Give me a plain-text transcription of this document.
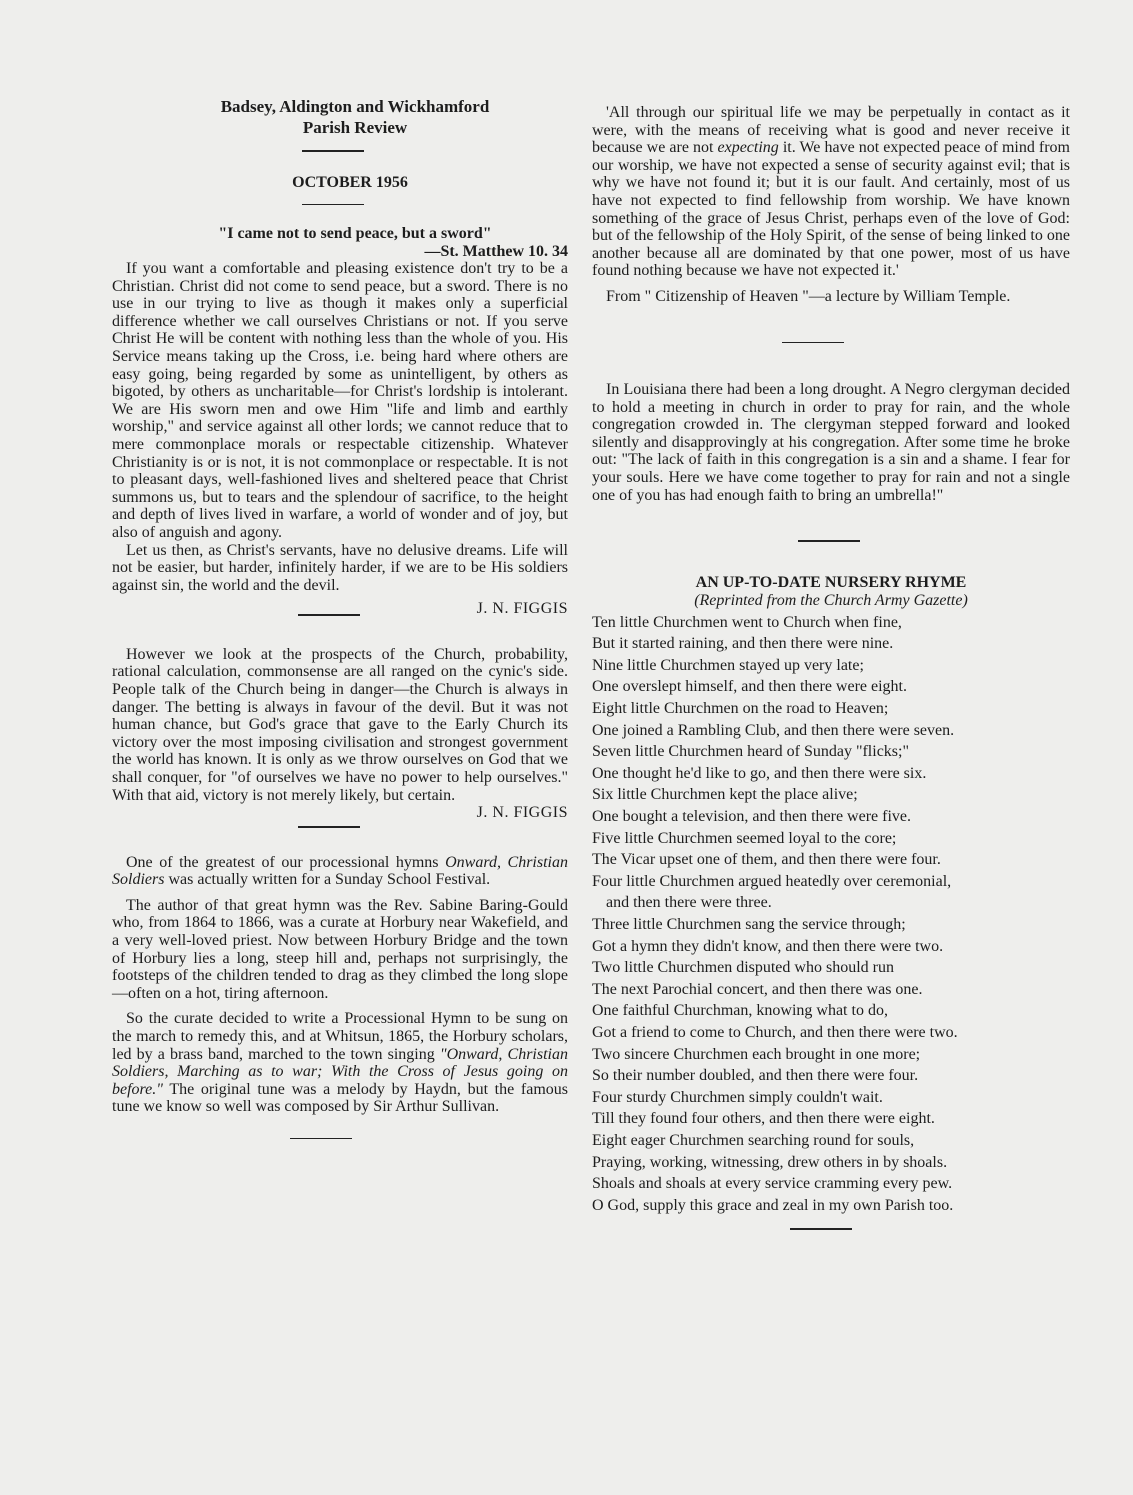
Badsey, Aldington and Wickhamford
Parish Review
OCTOBER 1956
"I came not to send peace, but a sword"
—St. Matthew 10. 34

If you want a comfortable and pleasing existence don't try to be a Christian. Christ did not come to send peace, but a sword. There is no use in our trying to live as though it makes only a superficial difference whether we call ourselves Christians or not. If you serve Christ He will be content with nothing less than the whole of you. His Service means taking up the Cross, i.e. being hard where others are easy going, being regarded by some as unintelligent, by others as bigoted, by others as uncharitable—for Christ's lordship is intolerant. We are His sworn men and owe Him "life and limb and earthly worship," and service against all other lords; we cannot reduce that to mere commonplace morals or respectable citizenship. Whatever Christianity is or is not, it is not commonplace or respectable. It is not to pleasant days, well-fashioned lives and sheltered peace that Christ summons us, but to tears and the splendour of sacrifice, to the height and depth of lives lived in warfare, a world of wonder and of joy, but also of anguish and agony.

Let us then, as Christ's servants, have no delusive dreams. Life will not be easier, but harder, infinitely harder, if we are to be His soldiers against sin, the world and the devil.

J. N. FIGGIS

However we look at the prospects of the Church, probability, rational calculation, commonsense are all ranged on the cynic's side. People talk of the Church being in danger—the Church is always in danger. The betting is always in favour of the devil. But it was not human chance, but God's grace that gave to the Early Church its victory over the most imposing civilisation and strongest government the world has known. It is only as we throw ourselves on God that we shall conquer, for "of ourselves we have no power to help ourselves." With that aid, victory is not merely likely, but certain.

J. N. FIGGIS

One of the greatest of our processional hymns Onward, Christian Soldiers was actually written for a Sunday School Festival.

The author of that great hymn was the Rev. Sabine Baring-Gould who, from 1864 to 1866, was a curate at Horbury near Wakefield, and a very well-loved priest. Now between Horbury Bridge and the town of Horbury lies a long, steep hill and, perhaps not surprisingly, the footsteps of the children tended to drag as they climbed the long slope—often on a hot, tiring afternoon.

So the curate decided to write a Processional Hymn to be sung on the march to remedy this, and at Whitsun, 1865, the Horbury scholars, led by a brass band, marched to the town singing "Onward, Christian Soldiers, Marching as to war; With the Cross of Jesus going on before." The original tune was a melody by Haydn, but the famous tune we know so well was composed by Sir Arthur Sullivan.

'All through our spiritual life we may be perpetually in contact as it were, with the means of receiving what is good and never receive it because we are not expecting it. We have not expected peace of mind from our worship, we have not expected a sense of security against evil; that is why we have not found it; but it is our fault. And certainly, most of us have not expected to find fellowship from worship. We have known something of the grace of Jesus Christ, perhaps even of the love of God: but of the fellowship of the Holy Spirit, of the sense of being linked to one another because all are dominated by that one power, most of us have found nothing because we have not expected it.'

From " Citizenship of Heaven "—a lecture by William Temple.

In Louisiana there had been a long drought. A Negro clergyman decided to hold a meeting in church in order to pray for rain, and the whole congregation crowded in. The clergyman stepped forward and looked silently and disapprovingly at his congregation. After some time he broke out: "The lack of faith in this congregation is a sin and a shame. I fear for your souls. Here we have come together to pray for rain and not a single one of you has had enough faith to bring an umbrella!"

AN UP-TO-DATE NURSERY RHYME
(Reprinted from the Church Army Gazette)
Ten little Churchmen went to Church when fine,
But it started raining, and then there were nine.
Nine little Churchmen stayed up very late;
One overslept himself, and then there were eight.
Eight little Churchmen on the road to Heaven;
One joined a Rambling Club, and then there were seven.
Seven little Churchmen heard of Sunday "flicks;"
One thought he'd like to go, and then there were six.
Six little Churchmen kept the place alive;
One bought a television, and then there were five.
Five little Churchmen seemed loyal to the core;
The Vicar upset one of them, and then there were four.
Four little Churchmen argued heatedly over ceremonial,
and then there were three.
Three little Churchmen sang the service through;
Got a hymn they didn't know, and then there were two.
Two little Churchmen disputed who should run
The next Parochial concert, and then there was one.
One faithful Churchman, knowing what to do,
Got a friend to come to Church, and then there were two.
Two sincere Churchmen each brought in one more;
So their number doubled, and then there were four.
Four sturdy Churchmen simply couldn't wait.
Till they found four others, and then there were eight.
Eight eager Churchmen searching round for souls,
Praying, working, witnessing, drew others in by shoals.
Shoals and shoals at every service cramming every pew.
O God, supply this grace and zeal in my own Parish too.
